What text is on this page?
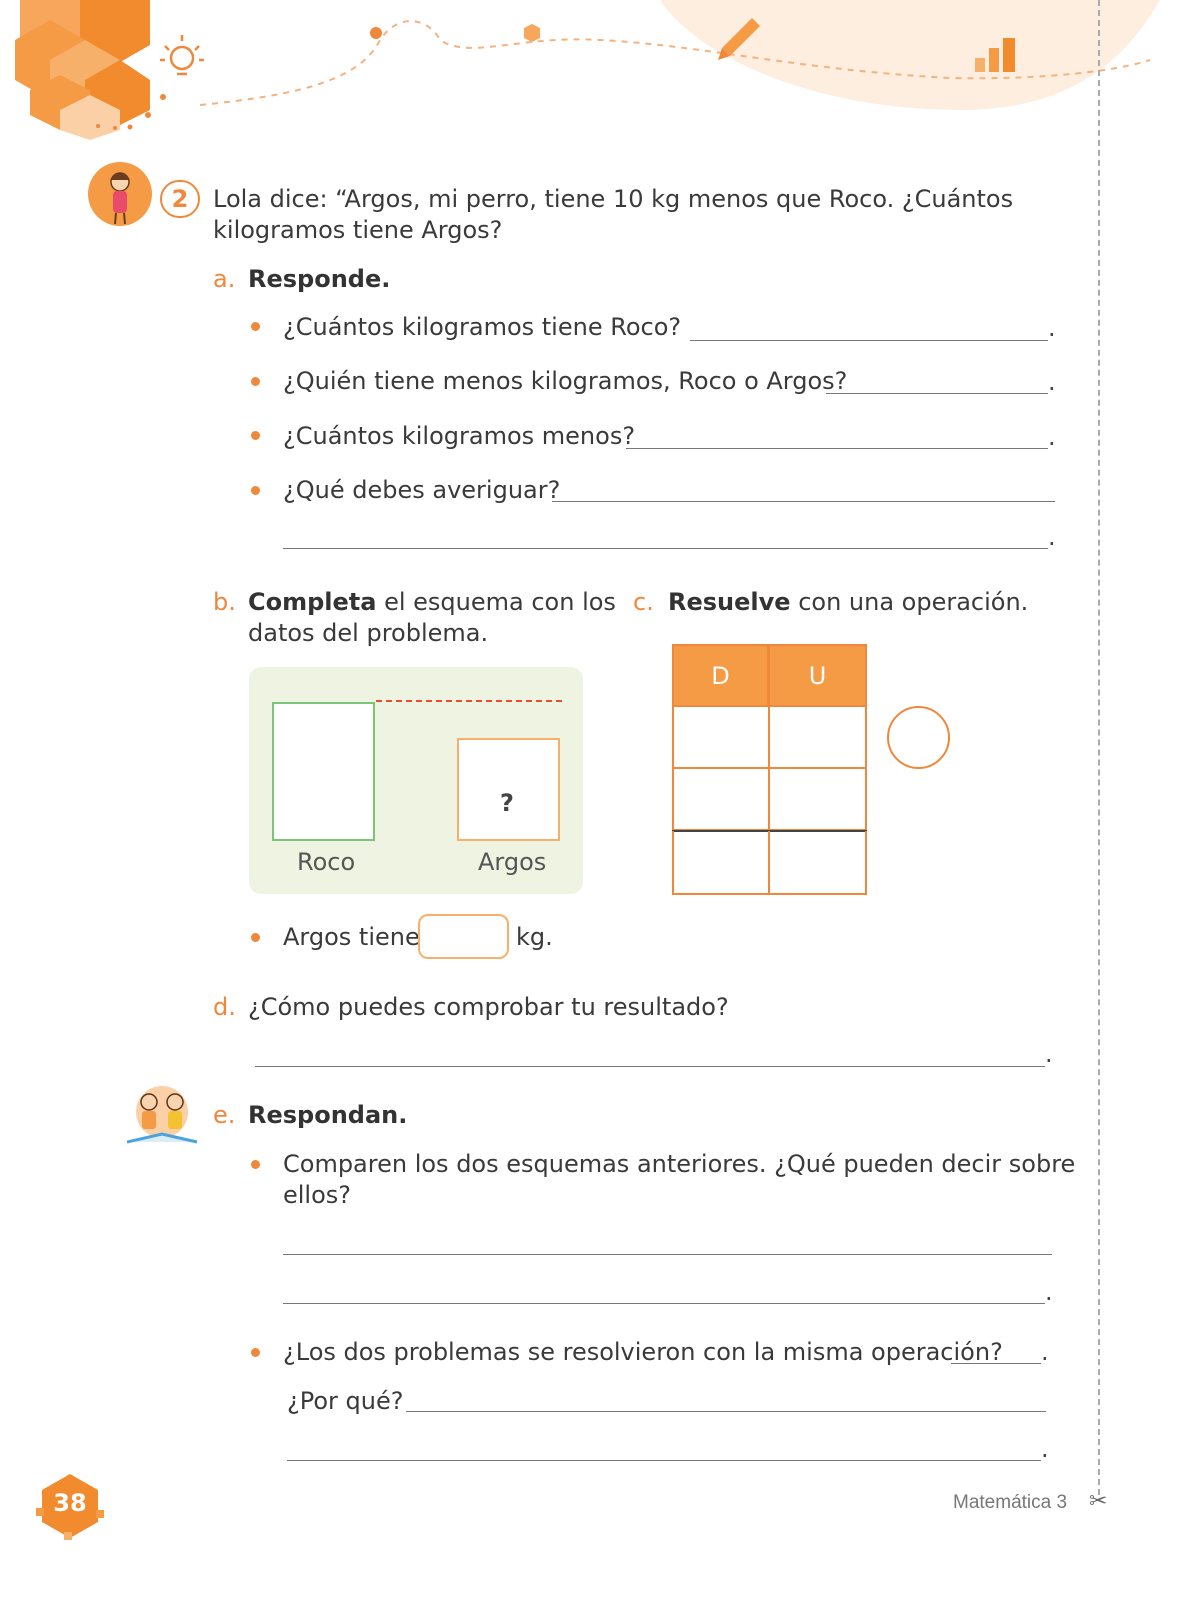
2	Lola dice: “Argos, mi perro, tiene 10 kg menos que Roco. ¿Cuántos
kilogramos tiene Argos?
a. Responde.
¿Cuántos kilogramos tiene Roco?	.
¿Quién tiene menos kilogramos, Roco o Argos?	.
¿Cuántos kilogramos menos?	.
¿Qué debes averiguar?
.
b. Completa el esquema con los
datos del problema.
?
Roco	Argos
Argos tiene	kg.
c. Resuelve con una operación.
D	U
d. ¿Cómo puedes comprobar tu resultado?
.
e. Respondan.
Comparen los dos esquemas anteriores. ¿Qué pueden decir sobre
ellos?
.
¿Los dos problemas se resolvieron con la misma operación? .
¿Por qué?
.
38	Matemática 3 ✂
